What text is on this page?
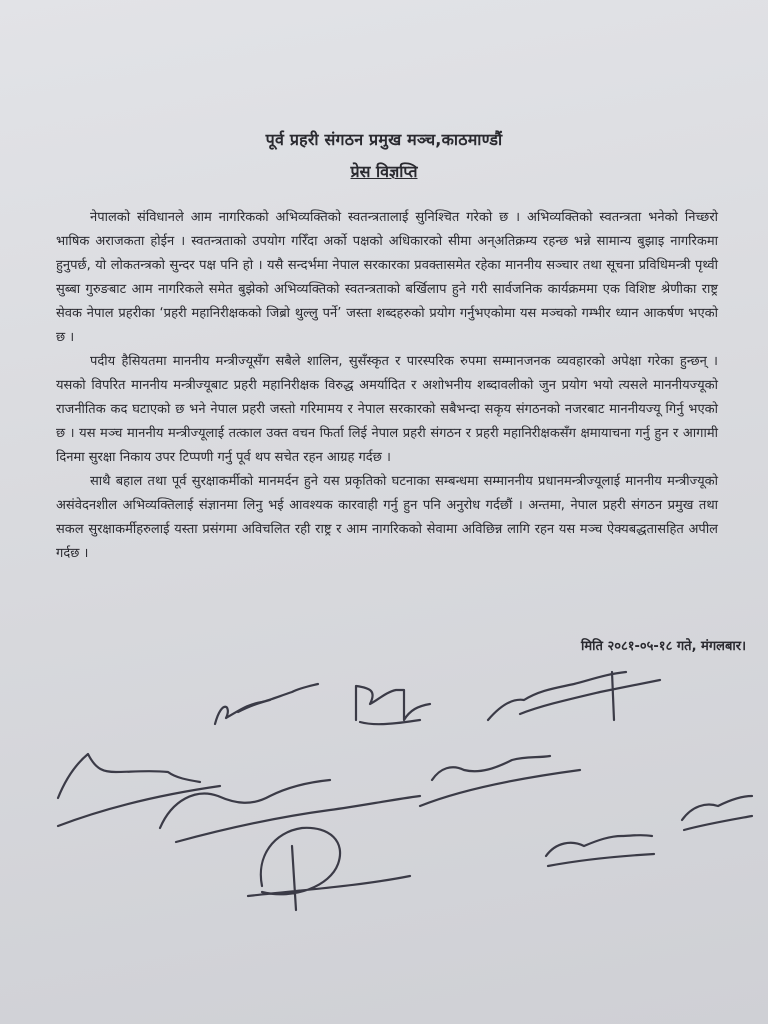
पूर्व प्रहरी संगठन प्रमुख मञ्च,काठमाण्डौं
प्रेस विज्ञप्ति

नेपालको संविधानले आम नागरिकको अभिव्यक्तिको स्वतन्त्रतालाई सुनिश्चित गरेको छ । अभिव्यक्तिको स्वतन्त्रता भनेको निच्छरो भाषिक अराजकता होईन । स्वतन्त्रताको उपयोग गरिँदा अर्को पक्षको अधिकारको सीमा अन्अतिक्रम्य रहन्छ भन्ने सामान्य बुझाइ नागरिकमा हुनुपर्छ, यो लोकतन्त्रको सुन्दर पक्ष पनि हो । यसै सन्दर्भमा नेपाल सरकारका प्रवक्तासमेत रहेका माननीय सञ्चार तथा सूचना प्रविधिमन्त्री पृथ्वी सुब्बा गुरुङबाट आम नागरिकले समेत बुझेको अभिव्यक्तिको स्वतन्त्रताको बर्खिलाप हुने गरी सार्वजनिक कार्यक्रममा एक विशिष्ट श्रेणीका राष्ट्र सेवक नेपाल प्रहरीका ‘प्रहरी महानिरीक्षकको जिब्रो थुल्लु पर्ने’ जस्ता शब्दहरुको प्रयोग गर्नुभएकोमा यस मञ्चको गम्भीर ध्यान आकर्षण भएको छ ।

पदीय हैसियतमा माननीय मन्त्रीज्यूसँग सबैले शालिन, सुसँस्कृत र पारस्परिक रुपमा सम्मानजनक व्यवहारको अपेक्षा गरेका हुन्छन् । यसको विपरित माननीय मन्त्रीज्यूबाट प्रहरी महानिरीक्षक विरुद्ध अमर्यादित र अशोभनीय शब्दावलीको जुन प्रयोग भयो त्यसले माननीयज्यूको राजनीतिक कद घटाएको छ भने नेपाल प्रहरी जस्तो गरिमामय र नेपाल सरकारको सबैभन्दा सकृय संगठनको नजरबाट माननीयज्यू गिर्नु भएको छ । यस मञ्च माननीय मन्त्रीज्यूलाई तत्काल उक्त वचन फिर्ता लिई नेपाल प्रहरी संगठन र प्रहरी महानिरीक्षकसँग क्षमायाचना गर्नु हुन र आगामी दिनमा सुरक्षा निकाय उपर टिप्पणी गर्नु पूर्व थप सचेत रहन आग्रह गर्दछ ।

साथै बहाल तथा पूर्व सुरक्षाकर्मीको मानमर्दन हुने यस प्रकृतिको घटनाका सम्बन्धमा सम्माननीय प्रधानमन्त्रीज्यूलाई माननीय मन्त्रीज्यूको असंवेदनशील अभिव्यक्तिलाई संज्ञानमा लिनु भई आवश्यक कारवाही गर्नु हुन पनि अनुरोध गर्दछौं । अन्तमा, नेपाल प्रहरी संगठन प्रमुख तथा सकल सुरक्षाकर्मीहरुलाई यस्ता प्रसंगमा अविचलित रही राष्ट्र र आम नागरिकको सेवामा अविछिन्न लागि रहन यस मञ्च ऐक्यबद्धतासहित अपील गर्दछ ।

मिति २०८१-०५-१८ गते, मंगलबार।
